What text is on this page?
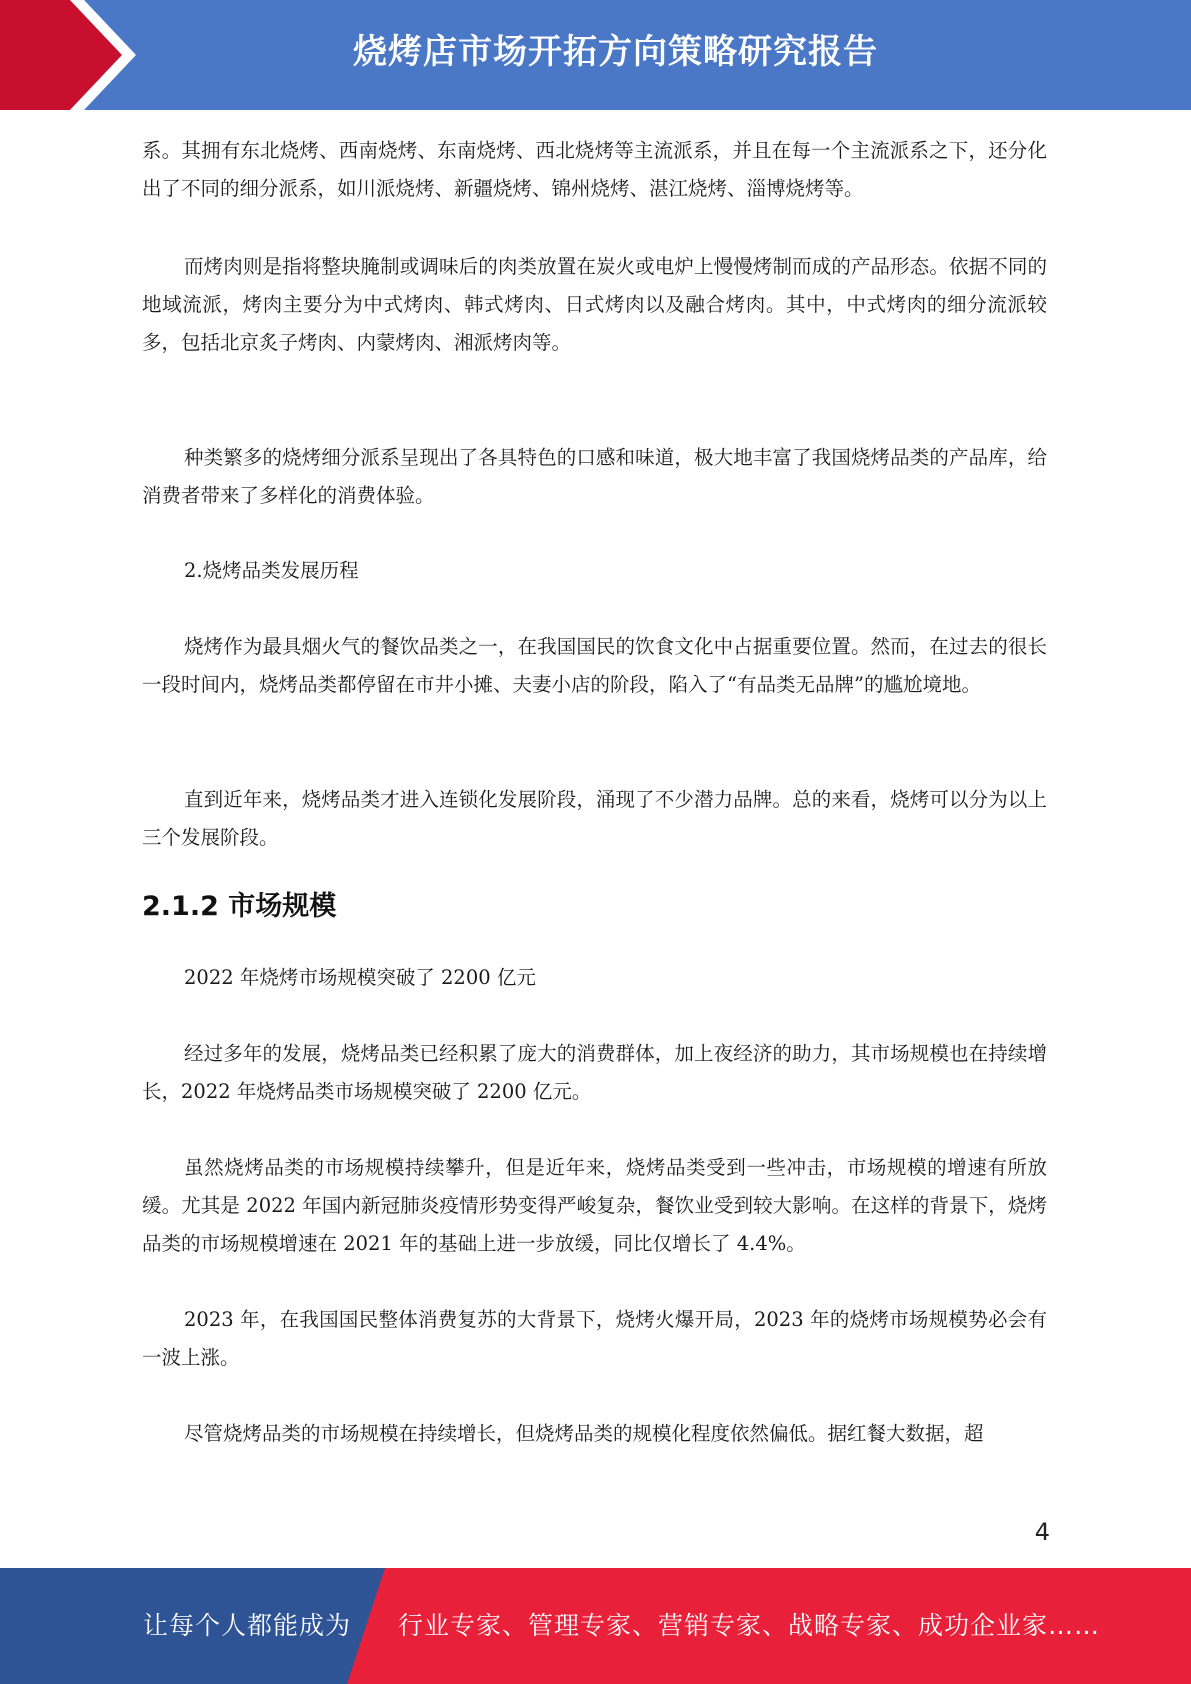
烧烤店市场开拓方向策略研究报告

系。其拥有东北烧烤、西南烧烤、东南烧烤、西北烧烤等主流派系，并且在每一个主流派系之下，还分化出了不同的细分派系，如川派烧烤、新疆烧烤、锦州烧烤、湛江烧烤、淄博烧烤等。

而烤肉则是指将整块腌制或调味后的肉类放置在炭火或电炉上慢慢烤制而成的产品形态。依据不同的地域流派，烤肉主要分为中式烤肉、韩式烤肉、日式烤肉以及融合烤肉。其中，中式烤肉的细分流派较多，包括北京炙子烤肉、内蒙烤肉、湘派烤肉等。

种类繁多的烧烤细分派系呈现出了各具特色的口感和味道，极大地丰富了我国烧烤品类的产品库，给消费者带来了多样化的消费体验。

2.烧烤品类发展历程

烧烤作为最具烟火气的餐饮品类之一，在我国国民的饮食文化中占据重要位置。然而，在过去的很长一段时间内，烧烤品类都停留在市井小摊、夫妻小店的阶段，陷入了“有品类无品牌”的尴尬境地。

直到近年来，烧烤品类才进入连锁化发展阶段，涌现了不少潜力品牌。总的来看，烧烤可以分为以上三个发展阶段。

2.1.2 市场规模

2022 年烧烤市场规模突破了 2200 亿元

经过多年的发展，烧烤品类已经积累了庞大的消费群体，加上夜经济的助力，其市场规模也在持续增长，2022 年烧烤品类市场规模突破了 2200 亿元。

虽然烧烤品类的市场规模持续攀升，但是近年来，烧烤品类受到一些冲击，市场规模的增速有所放缓。尤其是 2022 年国内新冠肺炎疫情形势变得严峻复杂，餐饮业受到较大影响。在这样的背景下，烧烤品类的市场规模增速在 2021 年的基础上进一步放缓，同比仅增长了 4.4%。

2023 年，在我国国民整体消费复苏的大背景下，烧烤火爆开局，2023 年的烧烤市场规模势必会有一波上涨。

尽管烧烤品类的市场规模在持续增长，但烧烤品类的规模化程度依然偏低。据红餐大数据，超

4
让每个人都能成为 行业专家、管理专家、营销专家、战略专家、成功企业家……
